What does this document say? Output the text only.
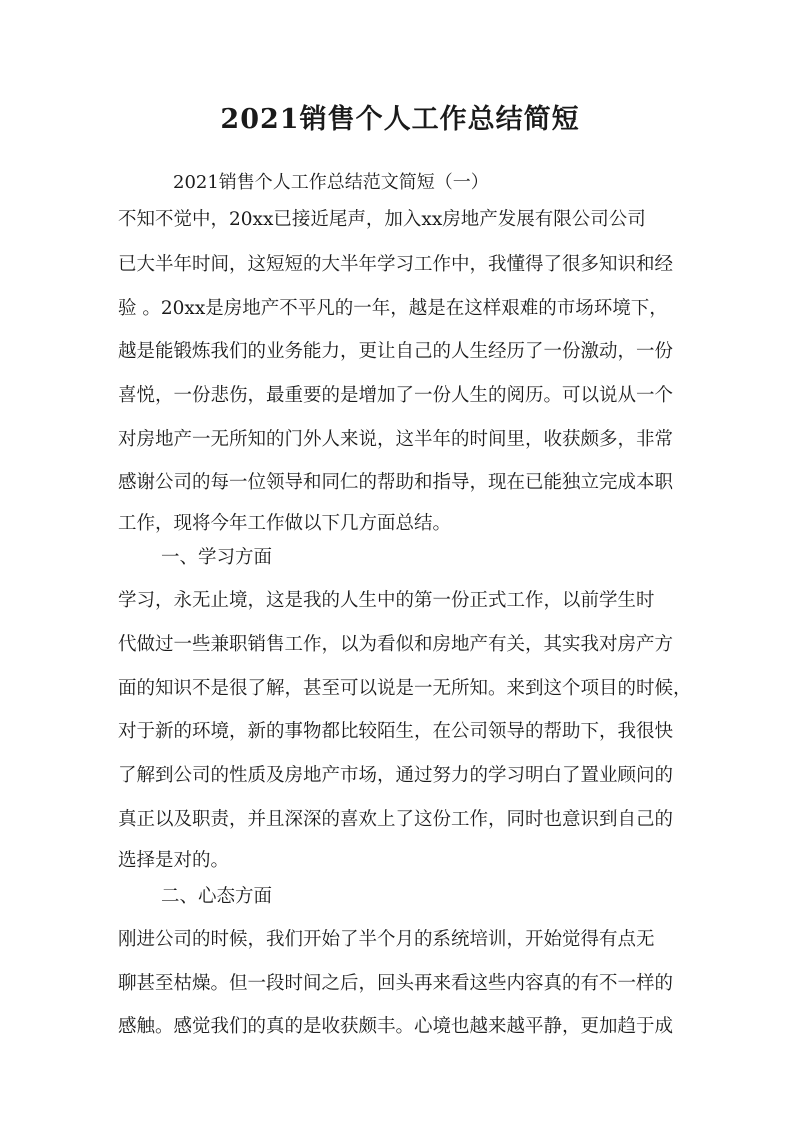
2021销售个人工作总结简短

2021销售个人工作总结范文简短（一）

不知不觉中，20xx已接近尾声，加入xx房地产发展有限公司公司

已大半年时间，这短短的大半年学习工作中，我懂得了很多知识和经

验 。20xx是房地产不平凡的一年，越是在这样艰难的市场环境下，

越是能锻炼我们的业务能力，更让自己的人生经历了一份激动，一份

喜悦，一份悲伤，最重要的是增加了一份人生的阅历。可以说从一个

对房地产一无所知的门外人来说，这半年的时间里，收获颇多，非常

感谢公司的每一位领导和同仁的帮助和指导，现在已能独立完成本职

工作，现将今年工作做以下几方面总结。

一、学习方面

学习，永无止境，这是我的人生中的第一份正式工作，以前学生时

代做过一些兼职销售工作，以为看似和房地产有关，其实我对房产方

面的知识不是很了解，甚至可以说是一无所知。来到这个项目的时候，

对于新的环境，新的事物都比较陌生，在公司领导的帮助下，我很快

了解到公司的性质及房地产市场，通过努力的学习明白了置业顾问的

真正以及职责，并且深深的喜欢上了这份工作，同时也意识到自己的

选择是对的。

二、心态方面

刚进公司的时候，我们开始了半个月的系统培训，开始觉得有点无

聊甚至枯燥。但一段时间之后，回头再来看这些内容真的有不一样的

感触。感觉我们的真的是收获颇丰。心境也越来越平静，更加趋于成
